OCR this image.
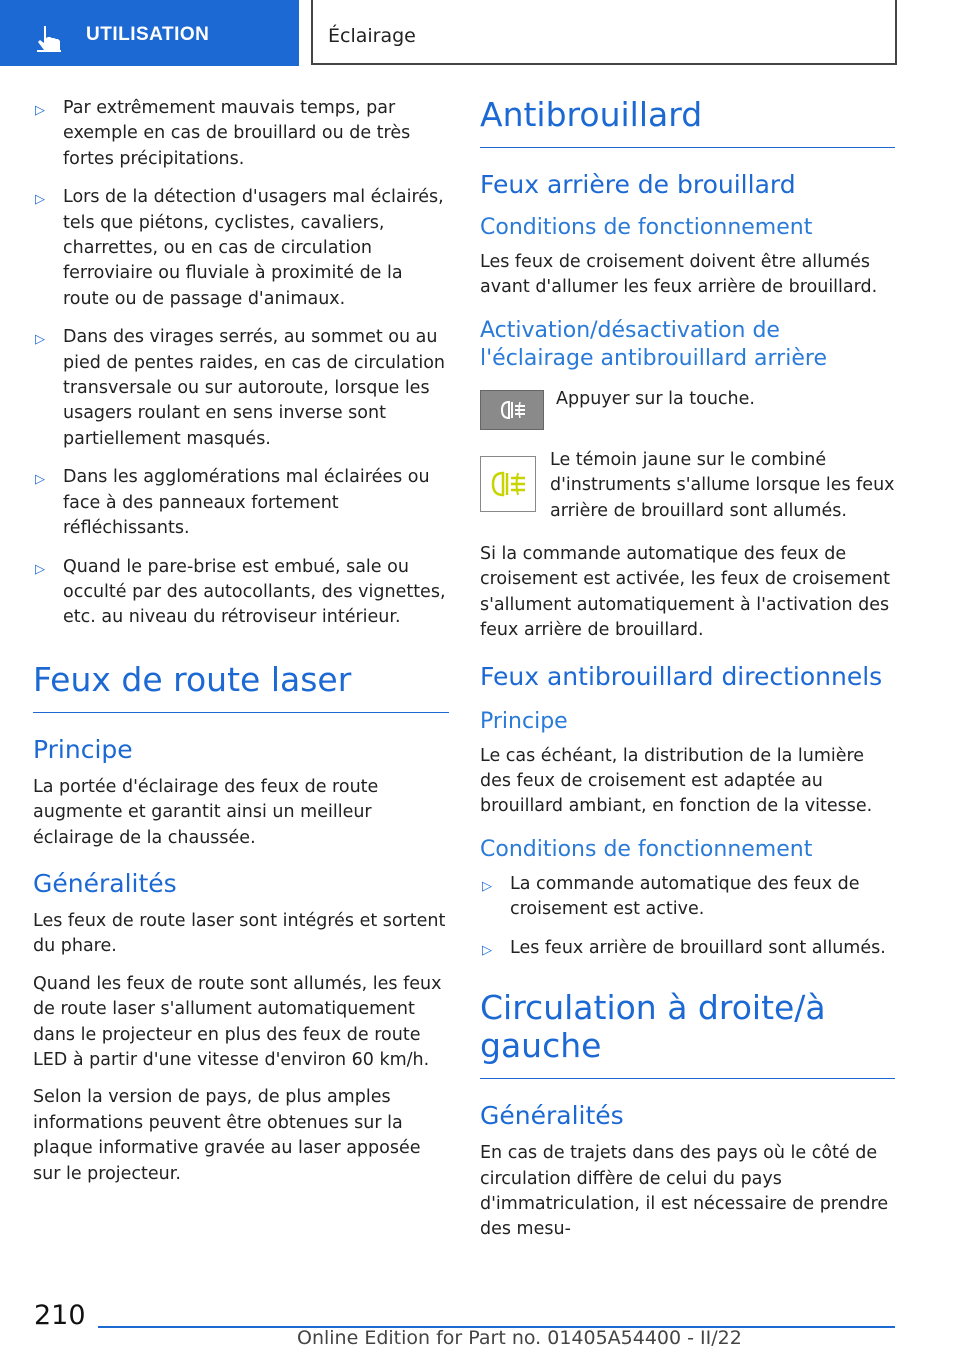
UTILISATION	Éclairage
▷	Par extrêmement mauvais temps, par exemple en cas de brouillard ou de très fortes précipitations.
▷	Lors de la détection d'usagers mal éclairés, tels que piétons, cyclistes, cavaliers, charrettes, ou en cas de circulation ferroviaire ou fluviale à proximité de la route ou de passage d'animaux.
▷	Dans des virages serrés, au sommet ou au pied de pentes raides, en cas de circulation transversale ou sur autoroute, lorsque les usagers roulant en sens inverse sont partiellement masqués.
▷	Dans les agglomérations mal éclairées ou face à des panneaux fortement réfléchissants.
▷	Quand le pare-brise est embué, sale ou occulté par des autocollants, des vignettes, etc. au niveau du rétroviseur intérieur.
Feux de route laser
Principe
La portée d'éclairage des feux de route augmente et garantit ainsi un meilleur éclairage de la chaussée.
Généralités
Les feux de route laser sont intégrés et sortent du phare.
Quand les feux de route sont allumés, les feux de route laser s'allument automatiquement dans le projecteur en plus des feux de route LED à partir d'une vitesse d'environ 60 km/h.
Selon la version de pays, de plus amples informations peuvent être obtenues sur la plaque informative gravée au laser apposée sur le projecteur.
Antibrouillard
Feux arrière de brouillard
Conditions de fonctionnement
Les feux de croisement doivent être allumés avant d'allumer les feux arrière de brouillard.
Activation/désactivation de l'éclairage antibrouillard arrière
Appuyer sur la touche.
Le témoin jaune sur le combiné d'instruments s'allume lorsque les feux arrière de brouillard sont allumés.
Si la commande automatique des feux de croisement est activée, les feux de croisement s'allument automatiquement à l'activation des feux arrière de brouillard.
Feux antibrouillard directionnels
Principe
Le cas échéant, la distribution de la lumière des feux de croisement est adaptée au brouillard ambiant, en fonction de la vitesse.
Conditions de fonctionnement
▷	La commande automatique des feux de croisement est active.
▷	Les feux arrière de brouillard sont allumés.
Circulation à droite/à gauche
Généralités
En cas de trajets dans des pays où le côté de circulation diffère de celui du pays d'immatriculation, il est nécessaire de prendre des mesu-
210
Online Edition for Part no. 01405A54400 - II/22
